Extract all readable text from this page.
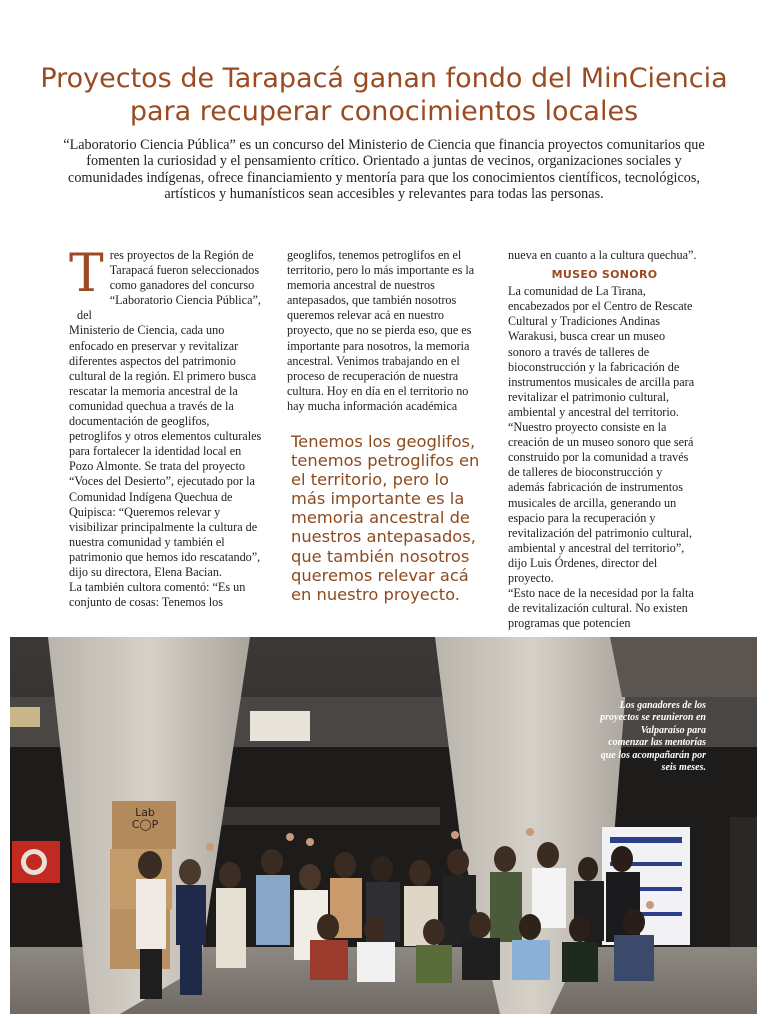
Proyectos de Tarapacá ganan fondo del MinCiencia para recuperar conocimientos locales

“Laboratorio Ciencia Pública” es un concurso del Ministerio de Ciencia que financia proyectos comunitarios que fomenten la curiosidad y el pensamiento crítico. Orientado a juntas de vecinos, organizaciones sociales y comunidades indígenas, ofrece financiamiento y mentoría para que los conocimientos científicos, tecnológicos, artísticos y humanísticos sean accesibles y relevantes para todas las personas.

T res proyectos de la Región de Tarapacá fueron seleccionados como ganadores del concurso “Laboratorio Ciencia Pública”, del

Ministerio de Ciencia, cada uno enfocado en preservar y revitalizar diferentes aspectos del patrimonio cultural de la región. El primero busca rescatar la memoria ancestral de la comunidad quechua a través de la documentación de geoglifos, petroglifos y otros elementos culturales para fortalecer la identidad local en Pozo Almonte. Se trata del proyecto “Voces del Desierto”, ejecutado por la Comunidad Indígena Quechua de Quipisca: “Queremos relevar y visibilizar principalmente la cultura de nuestra comunidad y también el patrimonio que hemos ido rescatando”, dijo su directora, Elena Bacian.

La también cultora comentó: “Es un conjunto de cosas: Tenemos los

geoglifos, tenemos petroglifos en el territorio, pero lo más importante es la memoria ancestral de nuestros antepasados, que también nosotros queremos relevar acá en nuestro proyecto, que no se pierda eso, que es importante para nosotros, la memoria ancestral. Venimos trabajando en el proceso de recuperación de nuestra cultura. Hoy en día en el territorio no hay mucha información académica

Tenemos los geoglifos, tenemos petroglifos en el territorio, pero lo más importante es la memoria ancestral de nuestros antepasados, que también nosotros queremos relevar acá en nuestro proyecto.

nueva en cuanto a la cultura quechua”.

MUSEO SONORO

La comunidad de La Tirana, encabezados por el Centro de Rescate Cultural y Tradiciones Andinas Warakusi, busca crear un museo sonoro a través de talleres de bioconstrucción y la fabricación de instrumentos musicales de arcilla para revitalizar el patrimonio cultural, ambiental y ancestral del territorio. “Nuestro proyecto consiste en la creación de un museo sonoro que será construido por la comunidad a través de talleres de bioconstrucción y además fabricación de instrumentos musicales de arcilla, generando un espacio para la recuperación y revitalización del patrimonio cultural, ambiental y ancestral del territorio”, dijo Luis Órdenes, director del proyecto.

“Esto nace de la necesidad por la falta de revitalización cultural. No existen programas que potencien

Lab
C◯P

Los ganadores de los proyectos se reunieron en Valparaíso para comenzar las mentorías que los acompañarán por seis meses.
